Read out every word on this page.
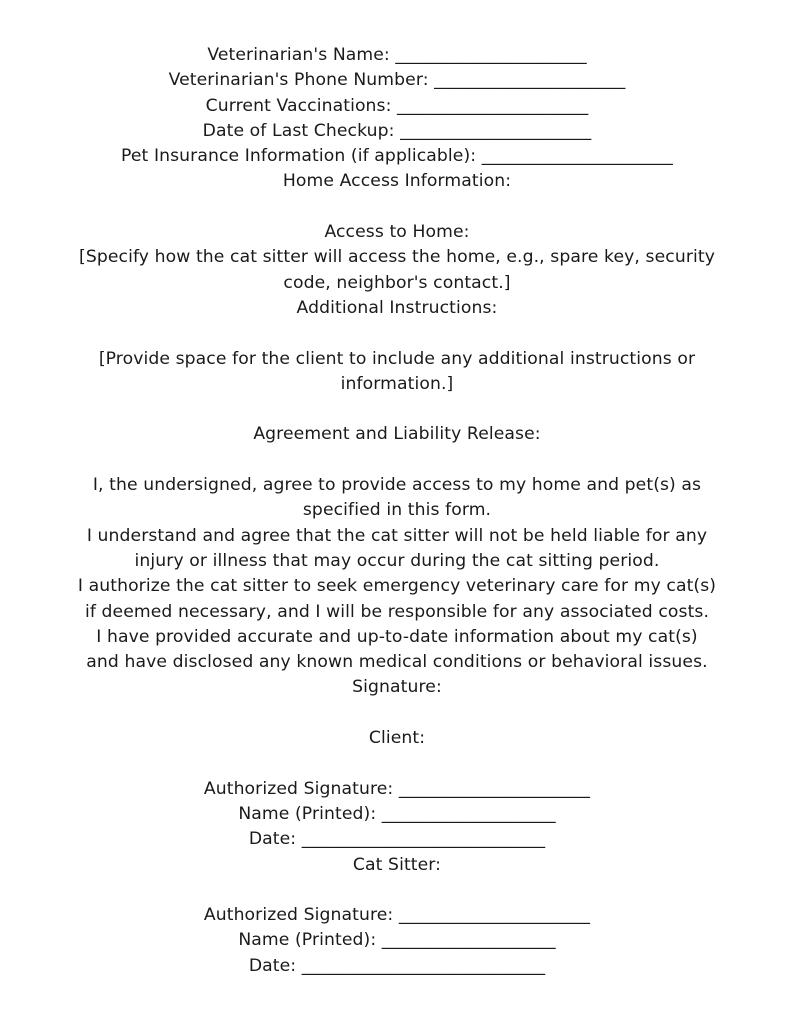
Veterinarian's Name: ______________________
Veterinarian's Phone Number: ______________________
Current Vaccinations: ______________________
Date of Last Checkup: ______________________
Pet Insurance Information (if applicable): ______________________
Home Access Information:
Access to Home:
[Specify how the cat sitter will access the home, e.g., spare key, security code, neighbor's contact.]
Additional Instructions:
[Provide space for the client to include any additional instructions or information.]
Agreement and Liability Release:
I, the undersigned, agree to provide access to my home and pet(s) as specified in this form.
I understand and agree that the cat sitter will not be held liable for any
injury or illness that may occur during the cat sitting period.
I authorize the cat sitter to seek emergency veterinary care for my cat(s)
if deemed necessary, and I will be responsible for any associated costs.
I have provided accurate and up-to-date information about my cat(s)
and have disclosed any known medical conditions or behavioral issues.
Signature:
Client:
Authorized Signature: ______________________
Name (Printed): ____________________
Date: ____________________________
Cat Sitter:
Authorized Signature: ______________________
Name (Printed): ____________________
Date: ____________________________
